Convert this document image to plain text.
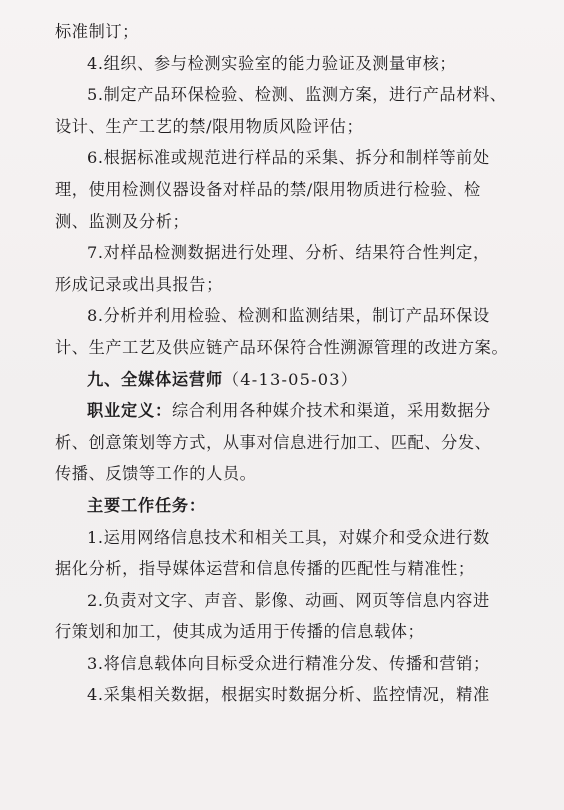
标准制订；
4.组织、参与检测实验室的能力验证及测量审核；
5.制定产品环保检验、检测、监测方案，进行产品材料、
设计、生产工艺的禁/限用物质风险评估；
6.根据标准或规范进行样品的采集、拆分和制样等前处
理，使用检测仪器设备对样品的禁/限用物质进行检验、检
测、监测及分析；
7.对样品检测数据进行处理、分析、结果符合性判定，
形成记录或出具报告；
8.分析并利用检验、检测和监测结果，制订产品环保设
计、生产工艺及供应链产品环保符合性溯源管理的改进方案。
九、全媒体运营师（4-13-05-03）
职业定义：综合利用各种媒介技术和渠道，采用数据分
析、创意策划等方式，从事对信息进行加工、匹配、分发、
传播、反馈等工作的人员。
主要工作任务：
1.运用网络信息技术和相关工具，对媒介和受众进行数
据化分析，指导媒体运营和信息传播的匹配性与精准性；
2.负责对文字、声音、影像、动画、网页等信息内容进
行策划和加工，使其成为适用于传播的信息载体；
3.将信息载体向目标受众进行精准分发、传播和营销；
4.采集相关数据，根据实时数据分析、监控情况，精准
